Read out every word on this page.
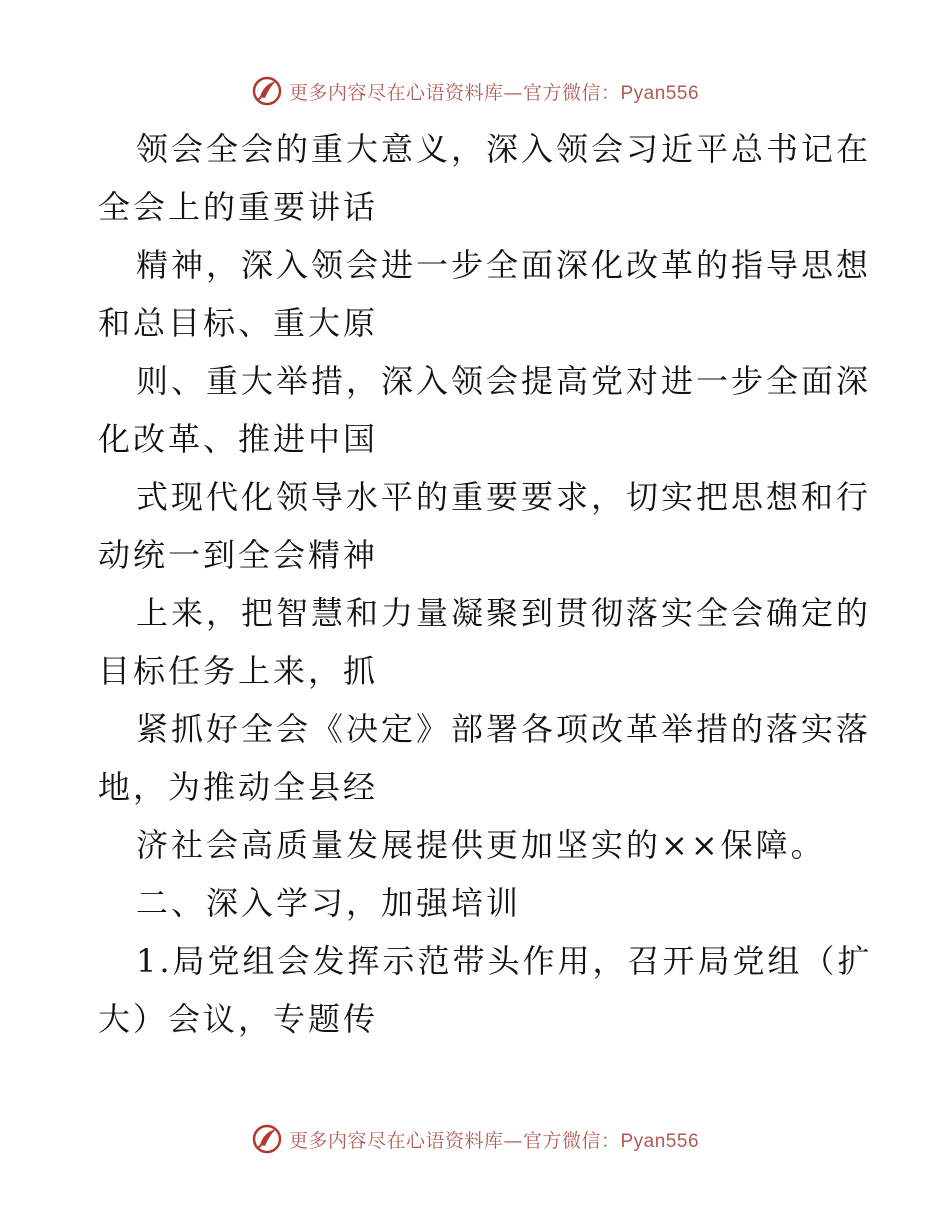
更多内容尽在心语资料库—官方微信：Pyan556
领会全会的重大意义，深入领会习近平总书记在
全会上的重要讲话
精神，深入领会进一步全面深化改革的指导思想
和总目标、重大原
则、重大举措，深入领会提高党对进一步全面深
化改革、推进中国
式现代化领导水平的重要要求，切实把思想和行
动统一到全会精神
上来，把智慧和力量凝聚到贯彻落实全会确定的
目标任务上来，抓
紧抓好全会《决定》部署各项改革举措的落实落
地，为推动全县经
济社会高质量发展提供更加坚实的××保障。
二、深入学习，加强培训
1.局党组会发挥示范带头作用，召开局党组（扩
大）会议，专题传
更多内容尽在心语资料库—官方微信：Pyan556
